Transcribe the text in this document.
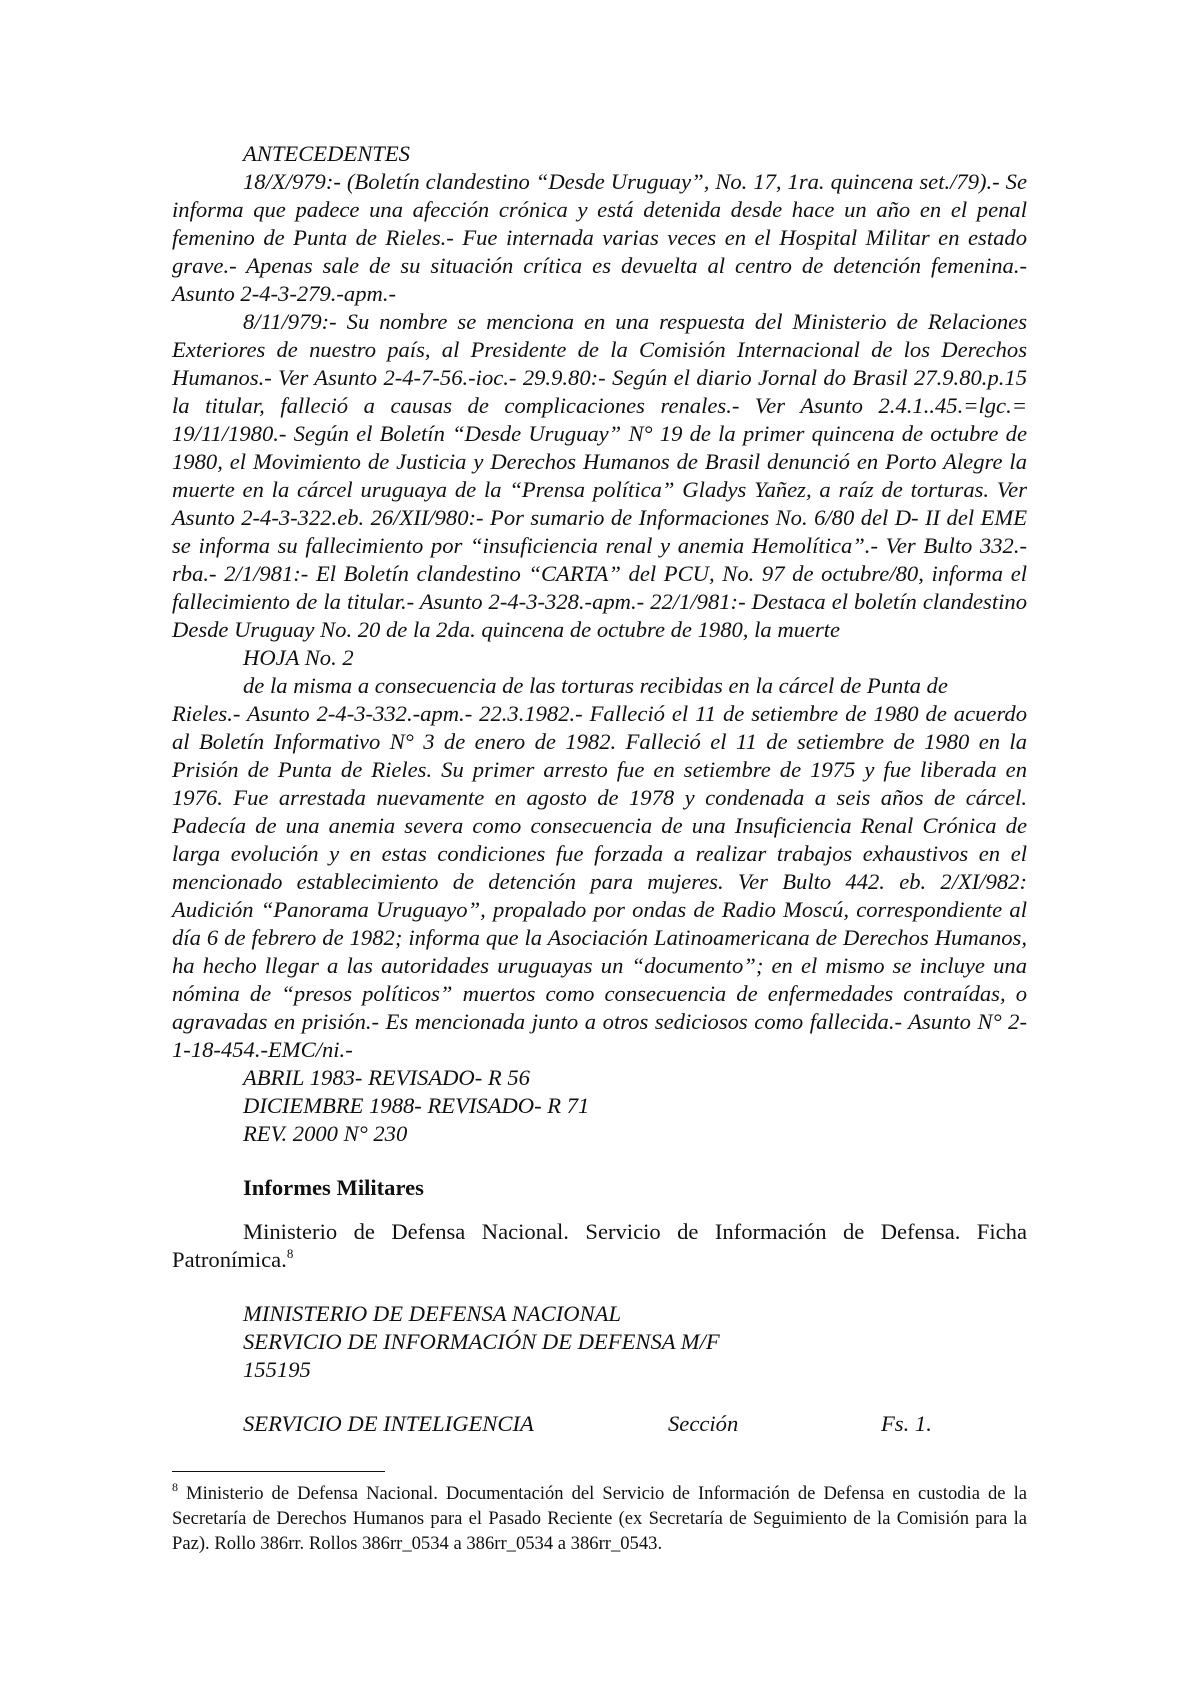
ANTECEDENTES

18/X/979:- (Boletín clandestino “Desde Uruguay”, No. 17, 1ra. quincena set./79).- Se informa que padece una afección crónica y está detenida desde hace un año en el penal femenino de Punta de Rieles.- Fue internada varias veces en el Hospital Militar en estado grave.- Apenas sale de su situación crítica es devuelta al centro de detención femenina.- Asunto 2-4-3-279.-apm.-

8/11/979:- Su nombre se menciona en una respuesta del Ministerio de Relaciones Exteriores de nuestro país, al Presidente de la Comisión Internacional de los Derechos Humanos.- Ver Asunto 2-4-7-56.-ioc.- 29.9.80:- Según el diario Jornal do Brasil 27.9.80.p.15 la titular, falleció a causas de complicaciones renales.- Ver Asunto 2.4.1..45.=lgc.= 19/11/1980.- Según el Boletín “Desde Uruguay” N° 19 de la primer quincena de octubre de 1980, el Movimiento de Justicia y Derechos Humanos de Brasil denunció en Porto Alegre la muerte en la cárcel uruguaya de la “Prensa política” Gladys Yañez, a raíz de torturas. Ver Asunto 2-4-3-322.eb. 26/XII/980:- Por sumario de Informaciones No. 6/80 del D- II del EME se informa su fallecimiento por “insuficiencia renal y anemia Hemolítica”.- Ver Bulto 332.- rba.- 2/1/981:- El Boletín clandestino “CARTA” del PCU, No. 97 de octubre/80, informa el fallecimiento de la titular.- Asunto 2-4-3-328.-apm.- 22/1/981:- Destaca el boletín clandestino Desde Uruguay No. 20 de la 2da. quincena de octubre de 1980, la muerte

HOJA No. 2

de la misma a consecuencia de las torturas recibidas en la cárcel de Punta de

Rieles.- Asunto 2-4-3-332.-apm.- 22.3.1982.- Falleció el 11 de setiembre de 1980 de acuerdo al Boletín Informativo N° 3 de enero de 1982. Falleció el 11 de setiembre de 1980 en la Prisión de Punta de Rieles. Su primer arresto fue en setiembre de 1975 y fue liberada en 1976. Fue arrestada nuevamente en agosto de 1978 y condenada a seis años de cárcel. Padecía de una anemia severa como consecuencia de una Insuficiencia Renal Crónica de larga evolución y en estas condiciones fue forzada a realizar trabajos exhaustivos en el mencionado establecimiento de detención para mujeres. Ver Bulto 442. eb. 2/XI/982: Audición “Panorama Uruguayo”, propalado por ondas de Radio Moscú, correspondiente al día 6 de febrero de 1982; informa que la Asociación Latinoamericana de Derechos Humanos, ha hecho llegar a las autoridades uruguayas un “documento”; en el mismo se incluye una nómina de “presos políticos” muertos como consecuencia de enfermedades contraídas, o agravadas en prisión.- Es mencionada junto a otros sediciosos como fallecida.- Asunto N° 2-1-18-454.-EMC/ni.-

ABRIL 1983- REVISADO- R 56

DICIEMBRE 1988- REVISADO- R 71

REV. 2000 N° 230

Informes Militares

Ministerio de Defensa Nacional. Servicio de Información de Defensa. Ficha Patronímica.$^8$

MINISTERIO DE DEFENSA NACIONAL

SERVICIO DE INFORMACIÓN DE DEFENSA M/F

155195

SERVICIO DE INTELIGENCIA	Sección	Fs. 1.

$^8$ Ministerio de Defensa Nacional. Documentación del Servicio de Información de Defensa en custodia de la Secretaría de Derechos Humanos para el Pasado Reciente (ex Secretaría de Seguimiento de la Comisión para la Paz). Rollo 386rr. Rollos 386rr_0534 a 386rr_0534 a 386rr_0543.
